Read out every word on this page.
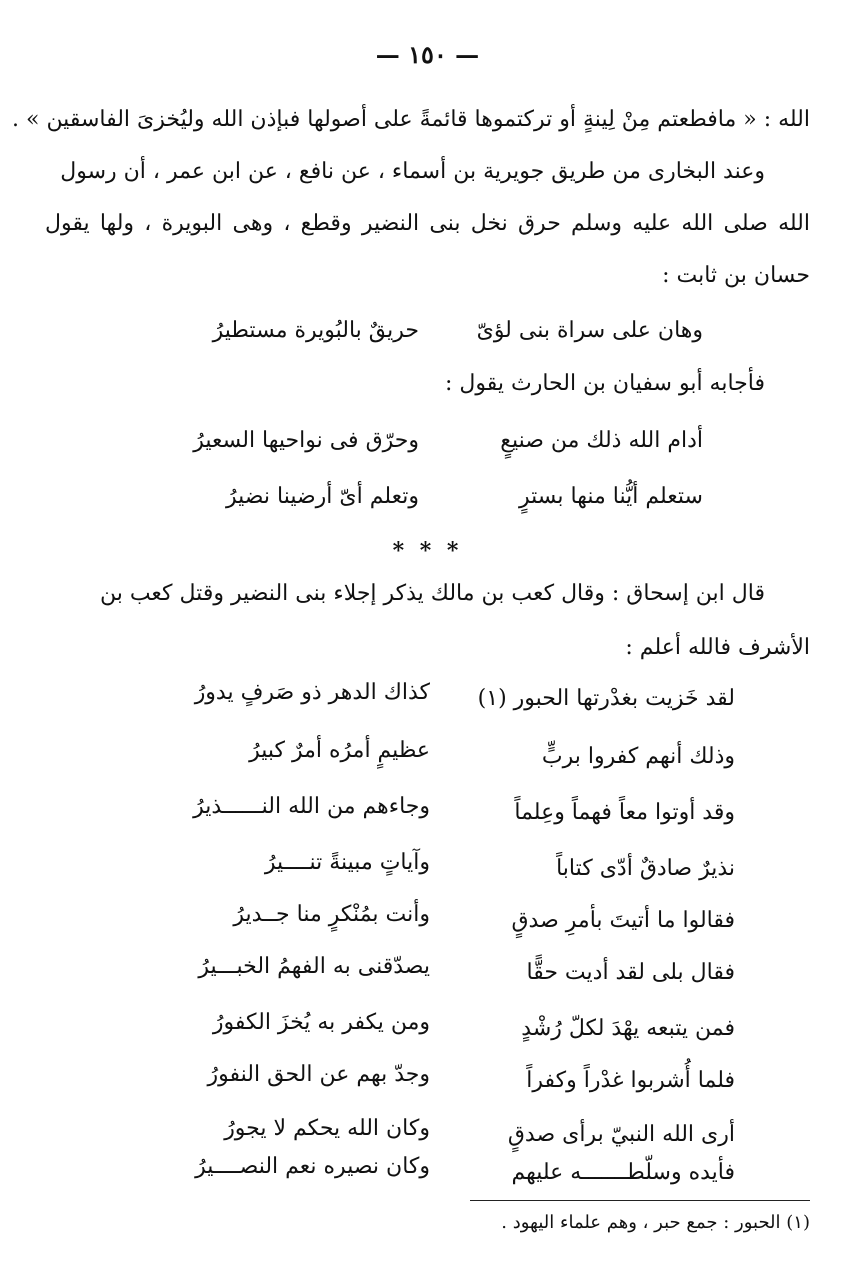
— ١٥٠ —
الله : « مافطعتم مِنْ لِينةٍ أو تركتموها قائمةً على أصولها فبإذن الله وليُخزىَ الفاسقين » .
وعند البخارى من طريق جويرية بن أسماء ، عن نافع ، عن ابن عمر ، أن رسول
الله صلى الله عليه وسلم حرق نخل بنى النضير وقطع ، وهى البويرة ، ولها يقول
حسان بن ثابت :
وهان على سراة بنى لؤىّ
حريقٌ بالبُويرة مستطيرُ
فأجابه أبو سفيان بن الحارث يقول :
أدام الله ذلك من صنيعٍ
وحرّق فى نواحيها السعيرُ
ستعلم أيُّنا منها بسترٍ
وتعلم أىّ أرضينا نضيرُ
* * *
قال ابن إسحاق : وقال كعب بن مالك يذكر إجلاء بنى النضير وقتل كعب بن
الأشرف فالله أعلم :
لقد خَزيت بغدْرتها الحبور (١)
كذاك الدهر ذو صَرفٍ يدورُ
وذلك أنهم كفروا بربٍّ
عظيمٍ أمرُه أمرٌ كبيرُ
وقد أوتوا معاً فهماً وعِلماً
وجاءهم من الله النــــــذيرُ
نذيرٌ صادقٌ أدّى كتاباً
وآياتٍ مبينةً تنــــيرُ
فقالوا ما أتيتَ بأمرِ صدقٍ
وأنت بمُنْكرٍ منا جــديرُ
فقال بلى لقد أديت حقًّا
يصدّقنى به الفهمُ الخبـــيرُ
فمن يتبعه يهْدَ لكلّ رُشْدٍ
ومن يكفر به يُخزَ الكفورُ
فلما أُشربوا غدْراً وكفراً
وجدّ بهم عن الحق النفورُ
أرى الله النبيّ برأى صدقٍ
وكان الله يحكم لا يجورُ
فأيده وسلّطـــــــه عليهم
وكان نصيره نعم النصــــيرُ
(١) الحبور : جمع حبر ، وهم علماء اليهود .
